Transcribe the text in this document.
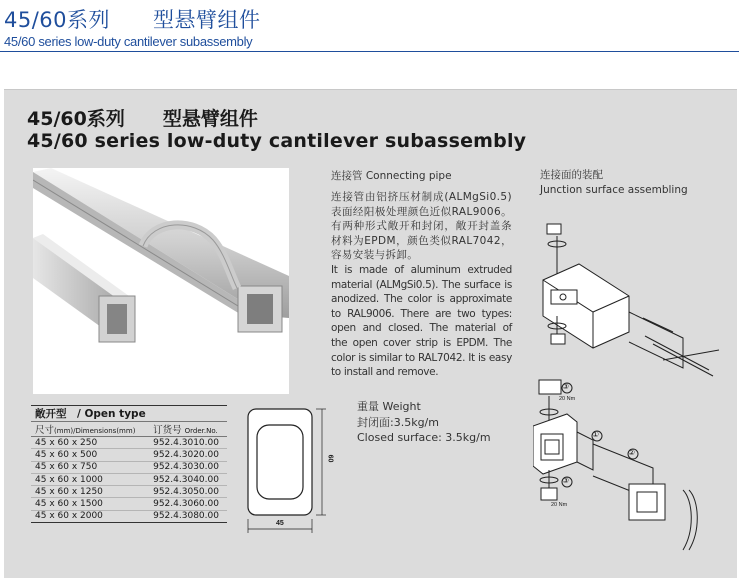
45/60系列　　型悬臂组件
45/60 series low-duty cantilever subassembly
45/60系列　　型悬臂组件
45/60 series low-duty cantilever subassembly
连接管 Connecting pipe

连接管由铝挤压材制成(ALMgSi0.5)表面经阳极处理颜色近似RAL9006。有两种形式敞开和封闭，敞开封盖条材料为EPDM，颜色类似RAL7042，容易安装与拆卸。

It is made of aluminum extruded material (ALMgSi0.5). The surface is anodized. The color is approximate to RAL9006. There are two types: open and closed. The material of the open cover strip is EPDM. The color is similar to RAL7042. It is easy to install and remove.

连接面的装配
Junction surface assembling
③
20 Nm
①
②
③
20 Nm
重量 Weight
封闭面:3.5kg/m
Closed surface: 3.5kg/m
60
45
敞开型　/ Open type	
尺寸(mm)/Dimensions(mm)	订货号 Order.No.
45 x 60 x 250	952.4.3010.00
45 x 60 x 500	952.4.3020.00
45 x 60 x 750	952.4.3030.00
45 x 60 x 1000	952.4.3040.00
45 x 60 x 1250	952.4.3050.00
45 x 60 x 1500	952.4.3060.00
45 x 60 x 2000	952.4.3080.00
